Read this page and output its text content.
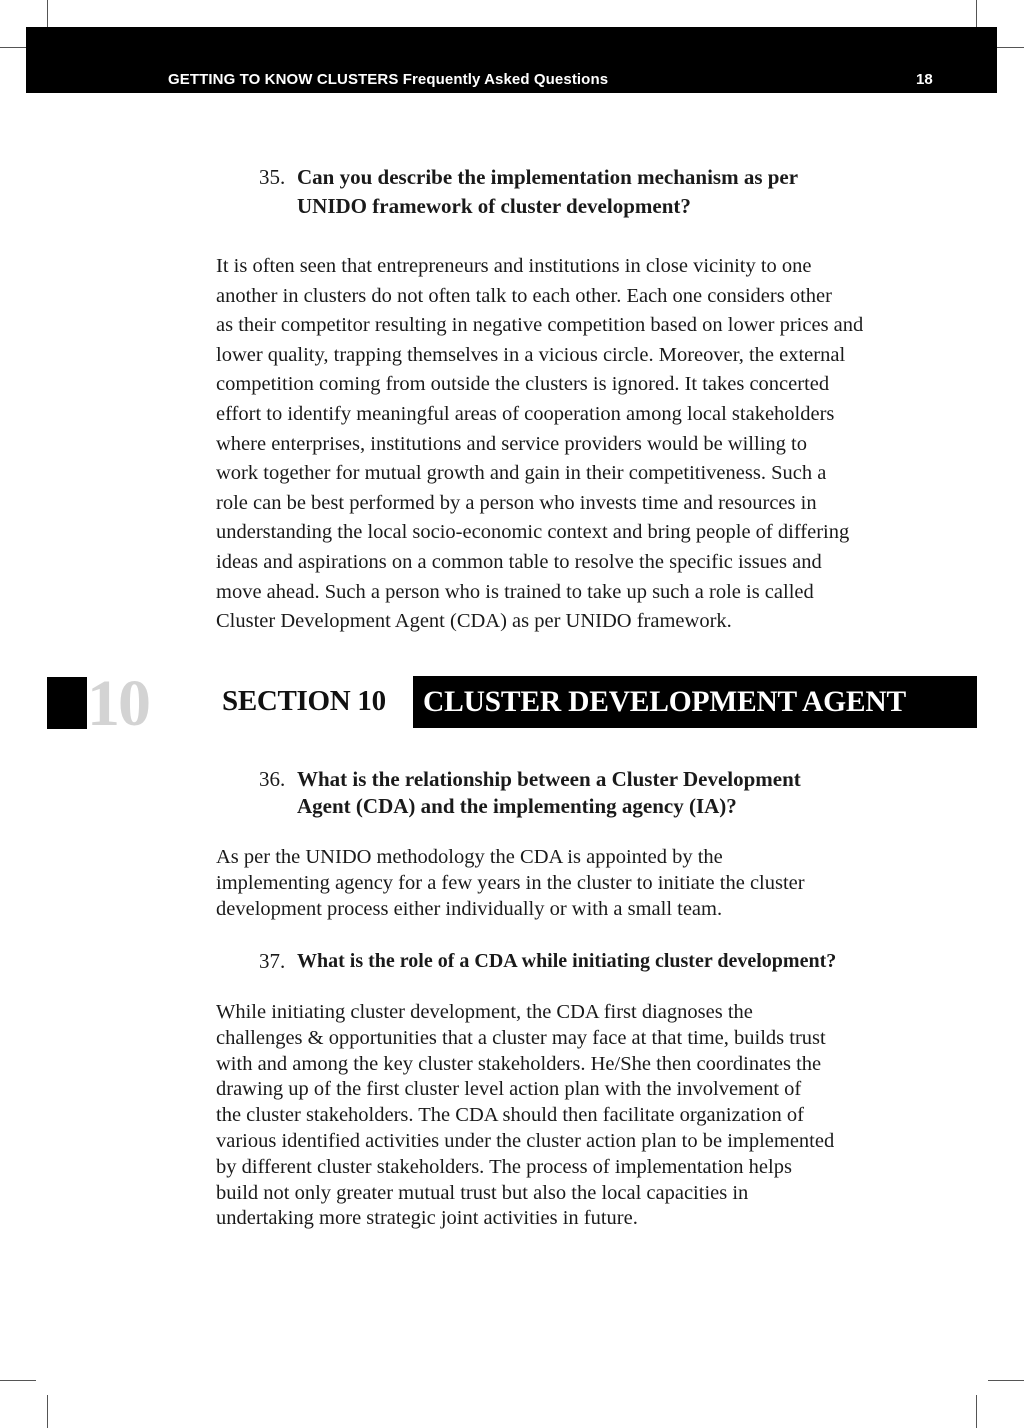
GETTING TO KNOW CLUSTERS Frequently Asked Questions	18
35. Can you describe the implementation mechanism as per
UNIDO framework of cluster development?
It is often seen that entrepreneurs and institutions in close vicinity to one
another in clusters do not often talk to each other. Each one considers other
as their competitor resulting in negative competition based on lower prices and
lower quality, trapping themselves in a vicious circle. Moreover, the external
competition coming from outside the clusters is ignored. It takes concerted
effort to identify meaningful areas of cooperation among local stakeholders
where enterprises, institutions and service providers would be willing to
work together for mutual growth and gain in their competitiveness. Such a
role can be best performed by a person who invests time and resources in
understanding the local socio-economic context and bring people of differing
ideas and aspirations on a common table to resolve the specific issues and
move ahead. Such a person who is trained to take up such a role is called
Cluster Development Agent (CDA) as per UNIDO framework.
10	SECTION 10 CLUSTER DEVELOPMENT AGENT
36. What is the relationship between a Cluster Development
Agent (CDA) and the implementing agency (IA)?
As per the UNIDO methodology the CDA is appointed by the
implementing agency for a few years in the cluster to initiate the cluster
development process either individually or with a small team.
37. What is the role of a CDA while initiating cluster development?
While initiating cluster development, the CDA first diagnoses the
challenges & opportunities that a cluster may face at that time, builds trust
with and among the key cluster stakeholders. He/She then coordinates the
drawing up of the first cluster level action plan with the involvement of
the cluster stakeholders. The CDA should then facilitate organization of
various identified activities under the cluster action plan to be implemented
by different cluster stakeholders. The process of implementation helps
build not only greater mutual trust but also the local capacities in
undertaking more strategic joint activities in future.
